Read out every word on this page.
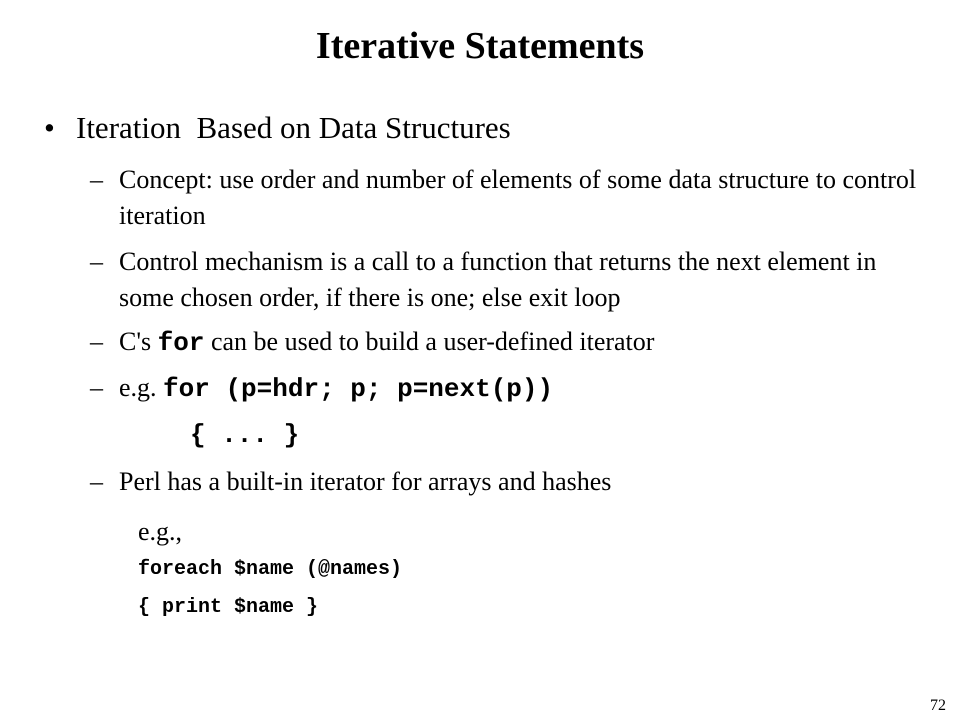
Iterative Statements
• Iteration  Based on Data Structures
– Concept: use order and number of elements of some data structure to control iteration
– Control mechanism is a call to a function that returns the next element in some chosen order, if there is one; else exit loop
– C's for can be used to build a user-defined iterator
– e.g. for (p=hdr; p; p=next(p))
{ ... }
– Perl has a built-in iterator for arrays and hashes
e.g.,
foreach $name (@names)
{ print $name }
72
